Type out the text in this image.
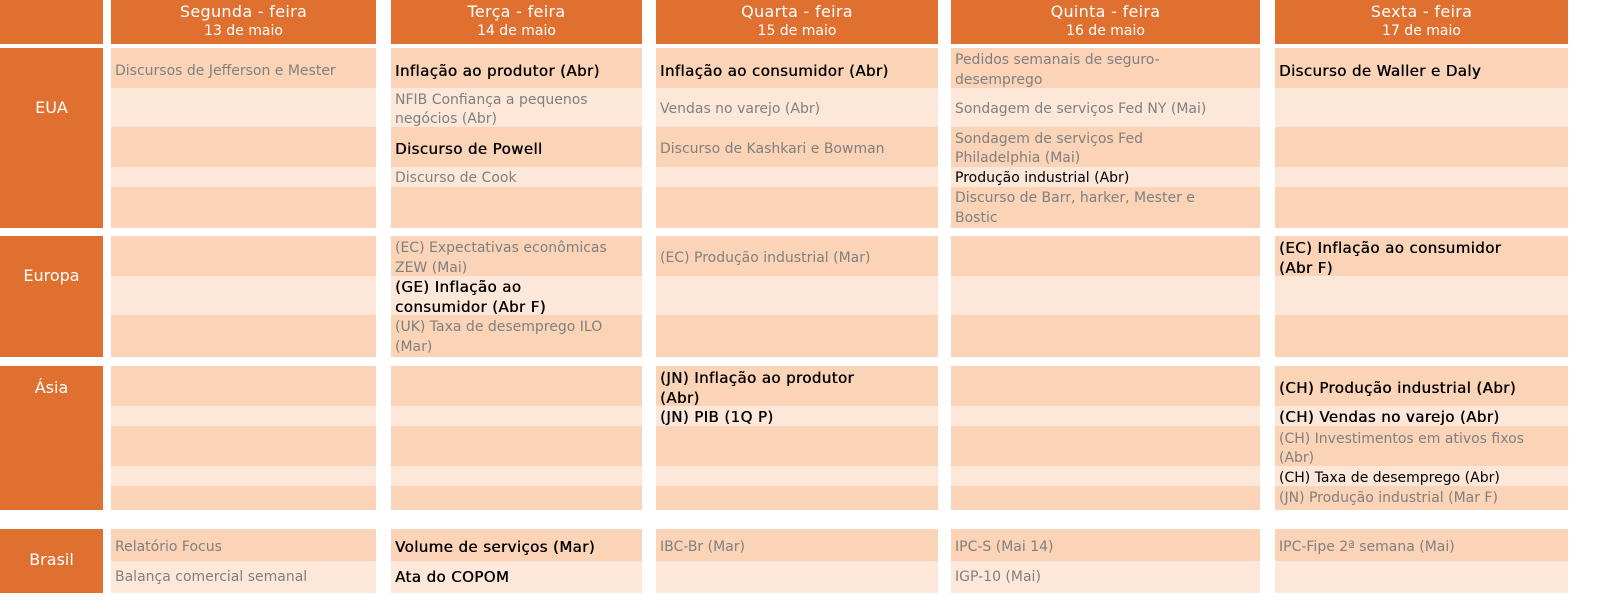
Segunda - feira
13 de maio
Terça - feira
14 de maio
Quarta - feira
15 de maio
Quinta - feira
16 de maio
Sexta - feira
17 de maio
EUA
Europa
Ásia
Brasil
Discursos de Jefferson e Mester	Inflação ao produtor (Abr)
NFIB Confiança a pequenos
negócios (Abr)
Discurso de Powell
Discurso de Cook
Inflação ao consumidor (Abr)
Vendas no varejo (Abr)
Discurso de Kashkari e Bowman
Pedidos semanais de seguro-
desemprego
Sondagem de serviços Fed NY (Mai)
Sondagem de serviços Fed
Philadelphia (Mai)
Produção industrial (Abr)
Discurso de Barr, harker, Mester e
Bostic
Discurso de Waller e Daly
(EC) Expectativas econômicas
ZEW (Mai)
(GE) Inflação ao
consumidor (Abr F)
(UK) Taxa de desemprego ILO
(Mar)
(EC) Produção industrial (Mar)
(EC) Inflação ao consumidor
(Abr F)
(JN) Inflação ao produtor
(Abr)
(JN) PIB (1Q P)
(CH) Produção industrial (Abr)
(CH) Vendas no varejo (Abr)
(CH) Investimentos em ativos fixos
(Abr)
(CH) Taxa de desemprego (Abr)
(JN) Produção industrial (Mar F)
Relatório Focus
Balança comercial semanal
Volume de serviços (Mar)
Ata do COPOM
IBC-Br (Mar)	IPC-S (Mai 14)
IGP-10 (Mai)
IPC-Fipe 2ª semana (Mai)
